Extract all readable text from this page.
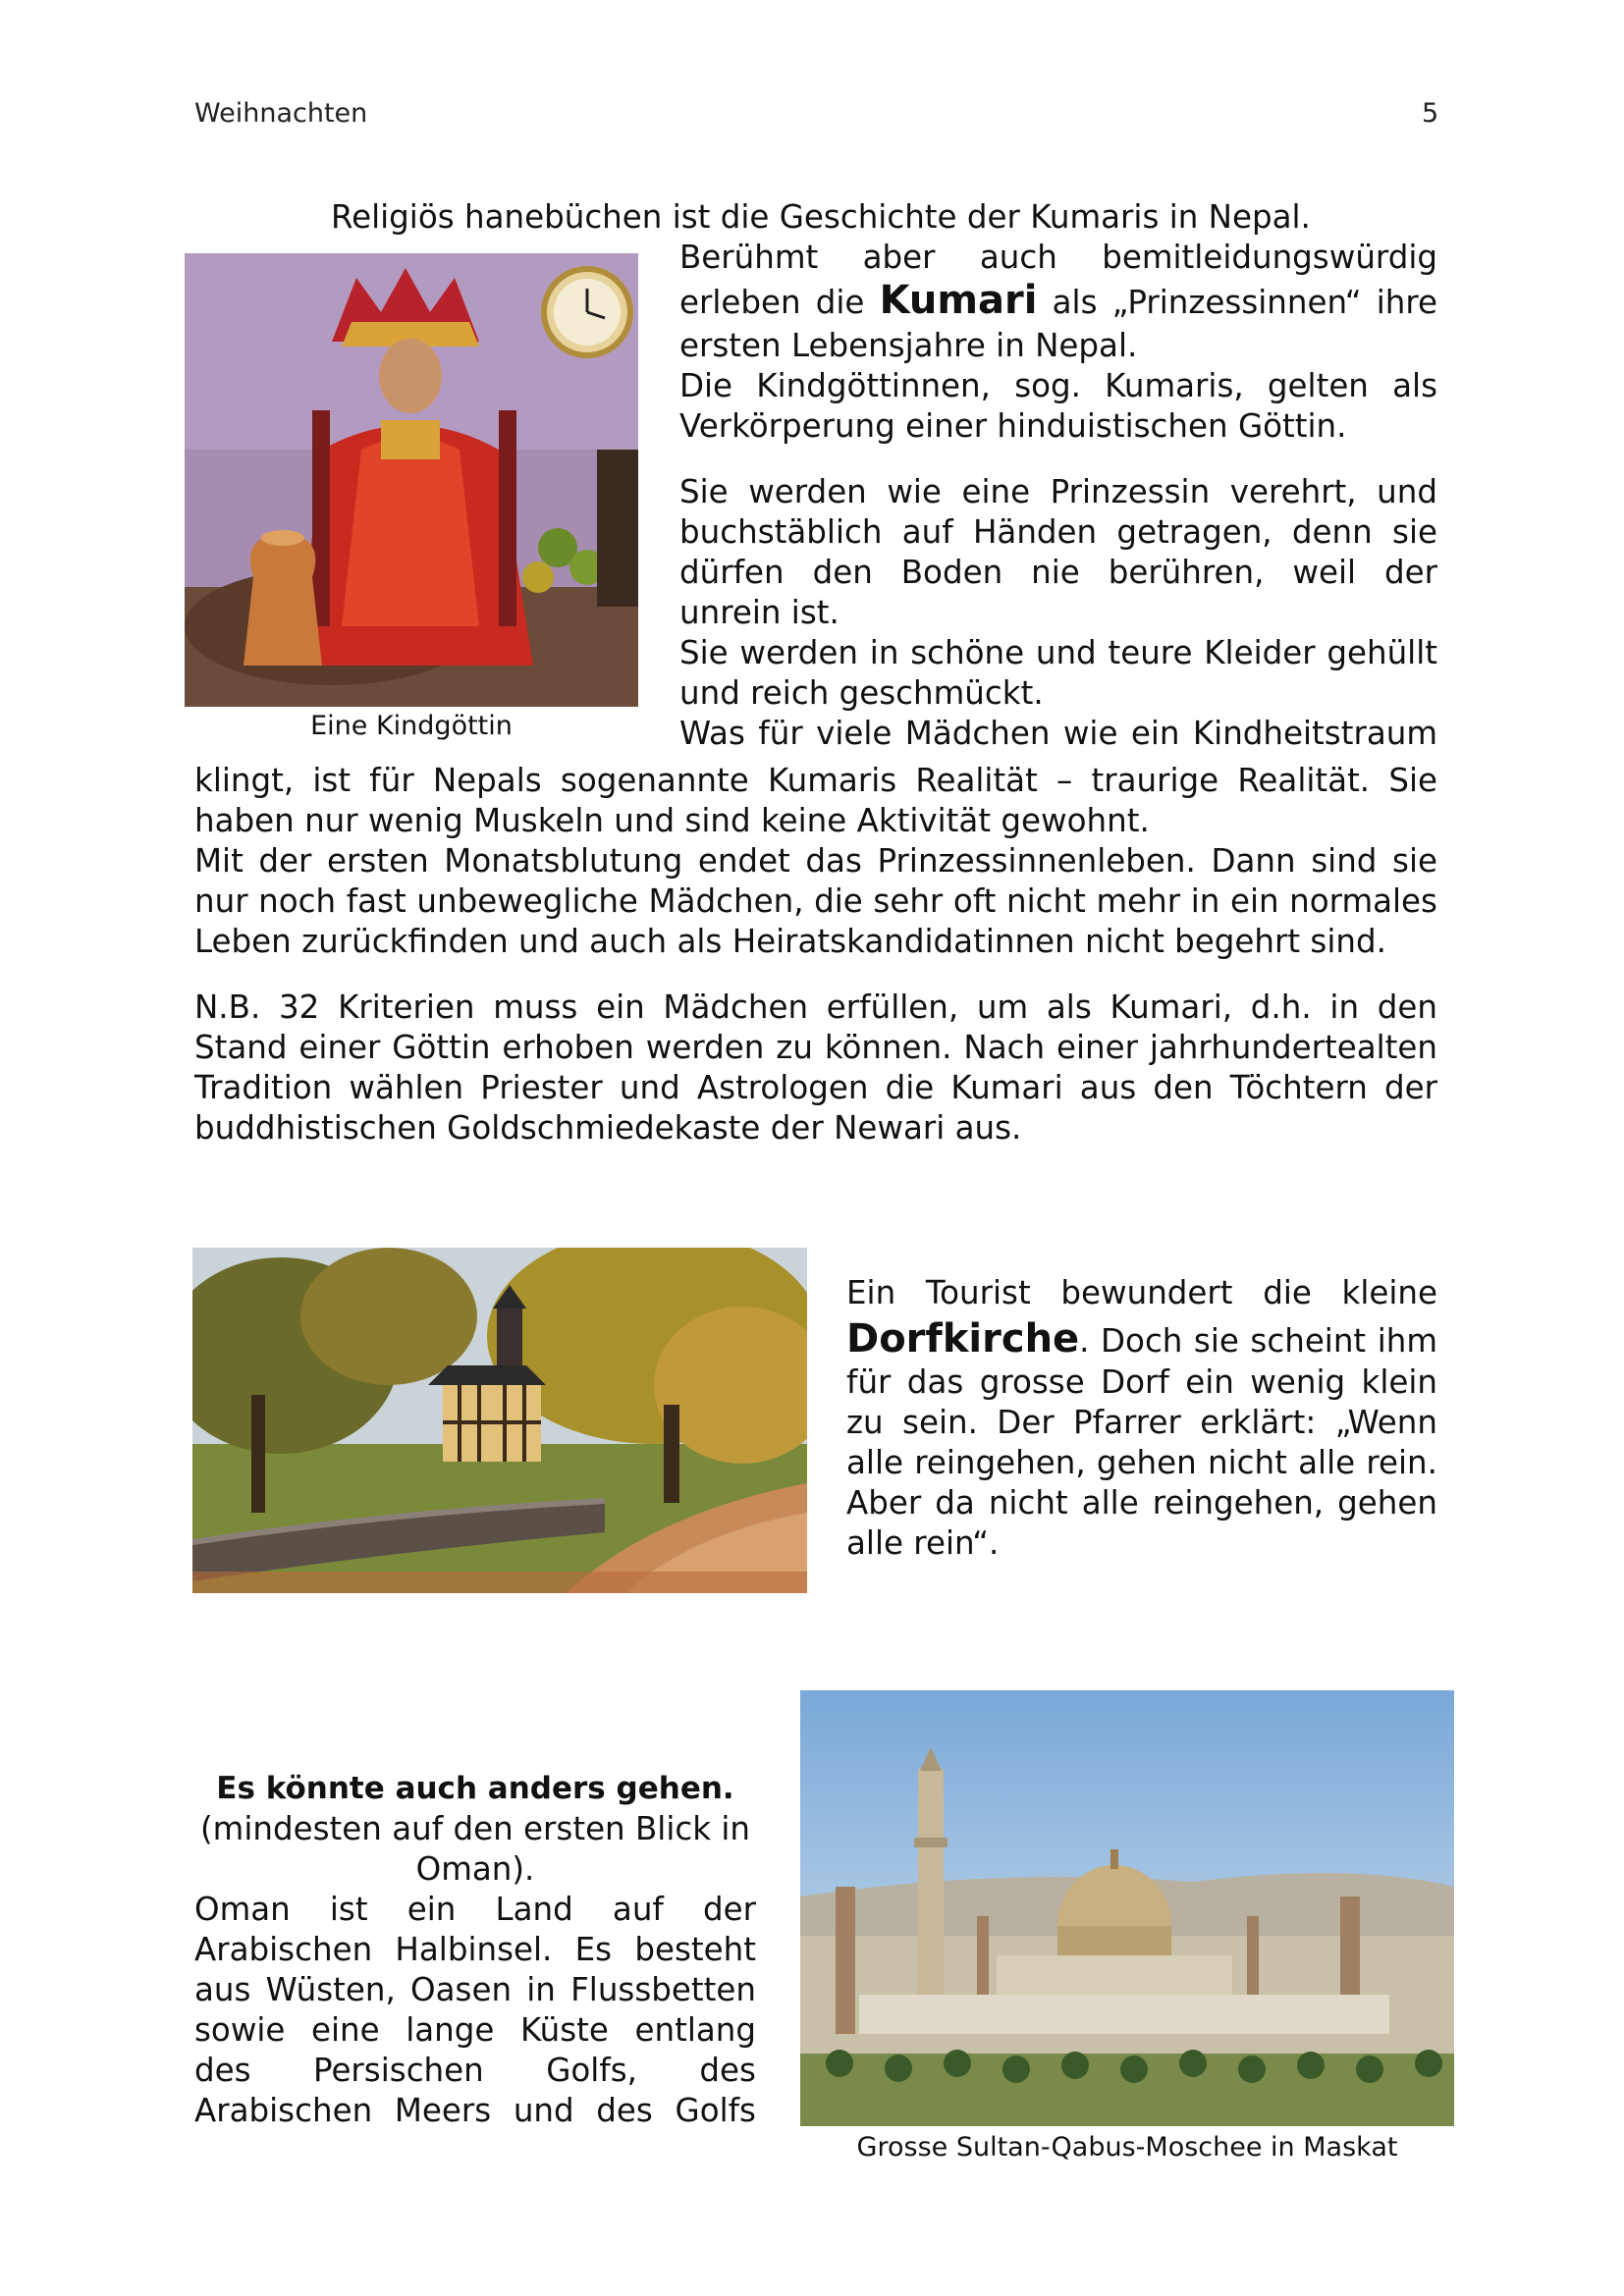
Weihnachten	5
Religiös hanebüchen ist die Geschichte der Kumaris in Nepal.
Eine Kindgöttin

Berühmt aber auch bemitleidungswürdig

erleben die Kumari als „Prinzessinnen“ ihre

ersten Lebensjahre in Nepal.

Die Kindgöttinnen, sog. Kumaris, gelten als Verkörperung einer hinduistischen Göttin.

Sie werden wie eine Prinzessin verehrt, und buchstäblich auf Händen getragen, denn sie dürfen den Boden nie berühren, weil der unrein ist.

Sie werden in schöne und teure Kleider gehüllt und reich geschmückt.

Was für viele Mädchen wie ein Kindheitstraum

klingt, ist für Nepals sogenannte Kumaris Realität – traurige Realität. Sie haben nur wenig Muskeln und sind keine Aktivität gewohnt.

Mit der ersten Monatsblutung endet das Prinzessinnenleben. Dann sind sie nur noch fast unbewegliche Mädchen, die sehr oft nicht mehr in ein normales Leben zurückfinden und auch als Heiratskandidatinnen nicht begehrt sind.

N.B. 32 Kriterien muss ein Mädchen erfüllen, um als Kumari, d.h. in den Stand einer Göttin erhoben werden zu können. Nach einer jahrhundertealten Tradition wählen Priester und Astrologen die Kumari aus den Töchtern der buddhistischen Goldschmiedekaste der Newari aus.

Ein Tourist bewundert die kleine

Dorfkirche. Doch sie scheint ihm für das grosse Dorf ein wenig klein zu sein. Der Pfarrer erklärt: „Wenn alle reingehen, gehen nicht alle rein. Aber da nicht alle reingehen, gehen alle rein“.

Es könnte auch anders gehen.

(mindesten auf den ersten Blick in Oman).

Oman ist ein Land auf der Arabischen Halbinsel. Es besteht aus Wüsten, Oasen in Flussbetten sowie eine lange Küste entlang des Persischen Golfs, des Arabischen Meers und des Golfs

Grosse Sultan-Qabus-Moschee in Maskat
